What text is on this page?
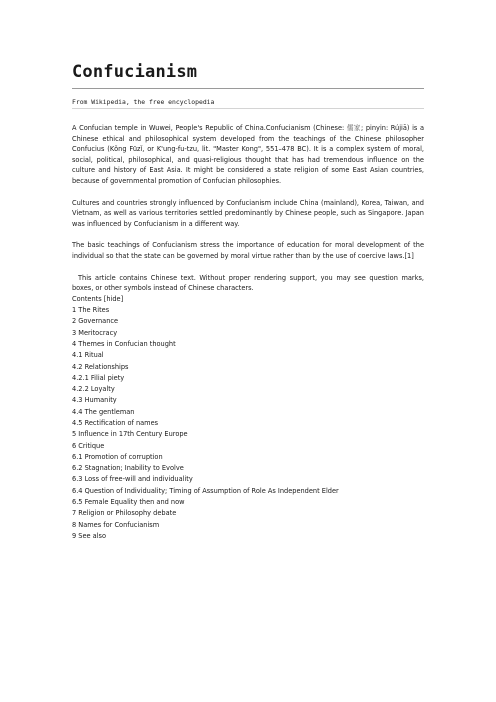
Confucianism
From Wikipedia, the free encyclopedia

A Confucian temple in Wuwei, People's Republic of China.Confucianism (Chinese: 儒家; pinyin: Rújiā) is a Chinese ethical and philosophical system developed from the teachings of the Chinese philosopher Confucius (Kǒng Fūzǐ, or K'ung-fu-tzu, lit. "Master Kong", 551–478 BC). It is a complex system of moral, social, political, philosophical, and quasi-religious thought that has had tremendous influence on the culture and history of East Asia. It might be considered a state religion of some East Asian countries, because of governmental promotion of Confucian philosophies.

Cultures and countries strongly influenced by Confucianism include China (mainland), Korea, Taiwan, and Vietnam, as well as various territories settled predominantly by Chinese people, such as Singapore. Japan was influenced by Confucianism in a different way.

The basic teachings of Confucianism stress the importance of education for moral development of the individual so that the state can be governed by moral virtue rather than by the use of coercive laws.[1]

This article contains Chinese text. Without proper rendering support, you may see question marks, boxes, or other symbols instead of Chinese characters.

Contents [hide]
1 The Rites
2 Governance
3 Meritocracy
4 Themes in Confucian thought
4.1 Ritual
4.2 Relationships
4.2.1 Filial piety
4.2.2 Loyalty
4.3 Humanity
4.4 The gentleman
4.5 Rectification of names
5 Influence in 17th Century Europe
6 Critique
6.1 Promotion of corruption
6.2 Stagnation; Inability to Evolve
6.3 Loss of free-will and individuality
6.4 Question of Individuality; Timing of Assumption of Role As Independent Elder
6.5 Female Equality then and now
7 Religion or Philosophy debate
8 Names for Confucianism
9 See also
